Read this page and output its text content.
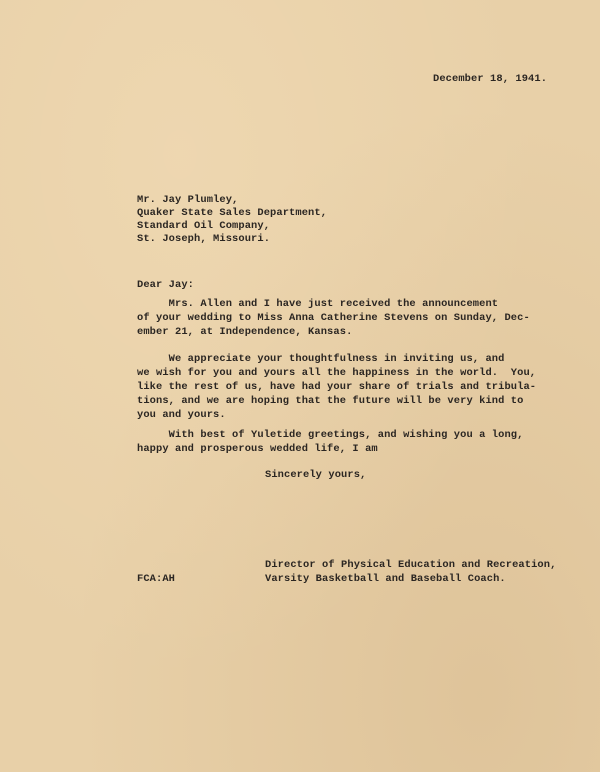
December 18, 1941.
Mr. Jay Plumley,
Quaker State Sales Department,
Standard Oil Company,
St. Joseph, Missouri.
Dear Jay:
Mrs. Allen and I have just received the announcement
of your wedding to Miss Anna Catherine Stevens on Sunday, Dec-
ember 21, at Independence, Kansas.
We appreciate your thoughtfulness in inviting us, and
we wish for you and yours all the happiness in the world.  You,
like the rest of us, have had your share of trials and tribula-
tions, and we are hoping that the future will be very kind to
you and yours.
With best of Yuletide greetings, and wishing you a long,
happy and prosperous wedded life, I am
Sincerely yours,
Director of Physical Education and Recreation,
Varsity Basketball and Baseball Coach.
FCA:AH
